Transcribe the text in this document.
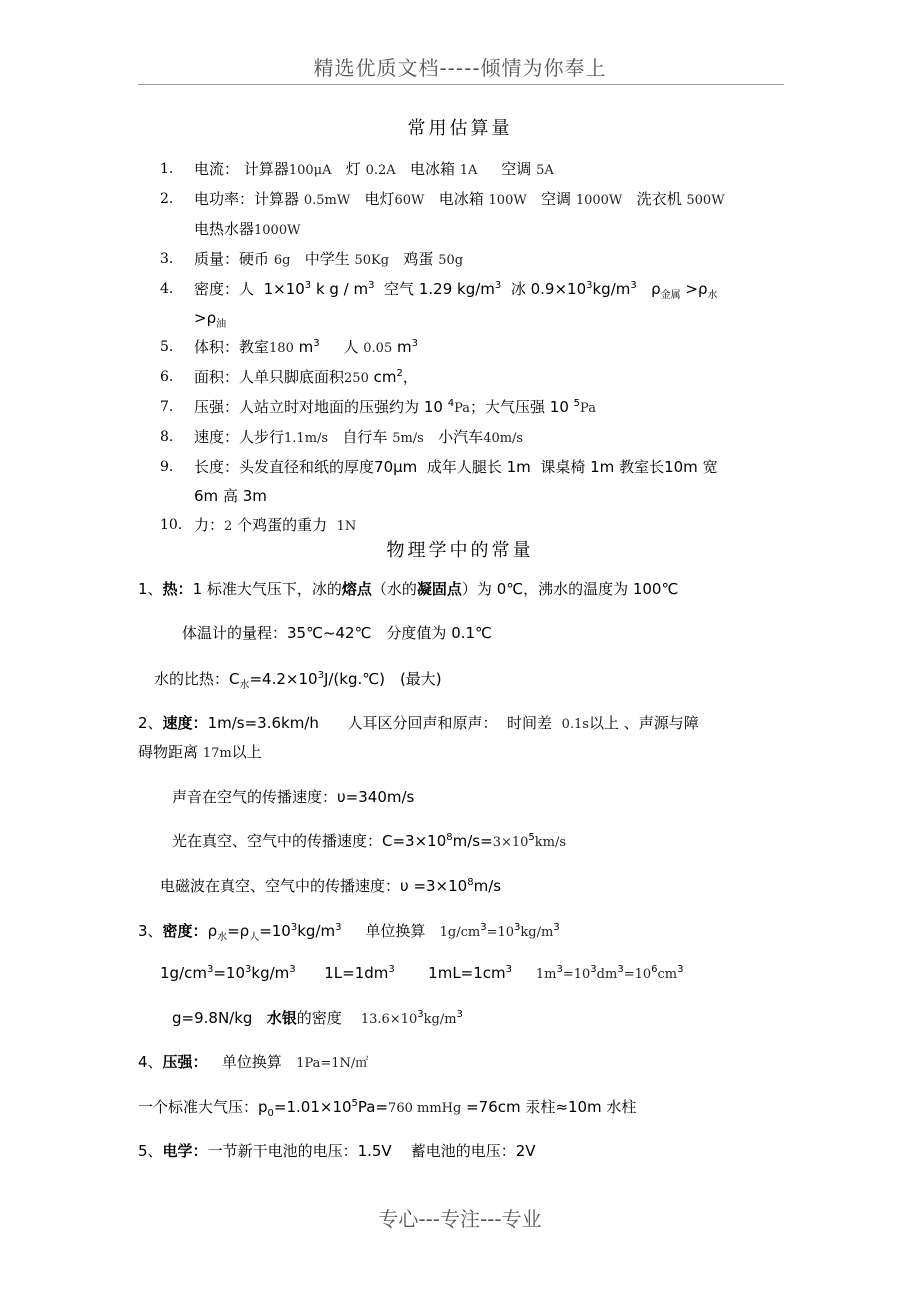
精选优质文档-----倾情为你奉上
常用估算量
1.	电流： 计算器100μA 灯 0.2A 电冰箱 1A 空调 5A
2.	电功率：计算器 0.5mW 电灯60W 电冰箱 100W 空调 1000W 洗衣机 500W
电热水器1000W
3.	质量：硬币 6g 中学生 50Kg 鸡蛋 50g
4.	密度：人 $1\times 10^3$ k g / $m^3$ 空气 1.29 $kg/m^3$ 冰 $0.9\times 10^3kg/m^3$ $\rho_{金属} >\rho_水$
$>\rho_油$
5.	体积：教室180 $m^3$ 人 0.05 $m^3$
6.	面积：人单只脚底面积250 $cm^2$，
7.	压强：人站立时对地面的压强约为 10 $^4$Pa；大气压强 10 $^5$Pa
8.	速度：人步行1.1m/s 自行车 5m/s 小汽车40m/s
9.	长度：头发直径和纸的厚度70μm 成年人腿长 1m 课桌椅 1m 教室长10m 宽
6m 高 3m
10. 力：2 个鸡蛋的重力 1N
物理学中的常量
1、热：1 标准大气压下，冰的熔点（水的凝固点）为 0℃，沸水的温度为 100℃
体温计的量程：35℃~42℃　分度值为 0.1℃
水的比热：$C_水=4.2\times 10^3J/(kg.℃)$　(最大)
2、速度：1m/s=3.6km/h 人耳区分回声和原声： 时间差 0.1s以上 、声源与障
碍物距离 17m以上
声音在空气的传播速度：υ=340m/s
光在真空、空气中的传播速度：$C=3\times 10^8m/s=3\times 10^5km/s$
电磁波在真空、空气中的传播速度：$\upsilon =3\times 10^8m/s$
3、密度：$\rho_水=\rho_人=10^3kg/m^3$ 单位换算 $1g/cm^3=10^3kg/m^3$
$1g/cm^3=10^3kg/m^3$ $1L=1dm^3$ $1mL=1cm^3$ $1m^3=10^3dm^3=10^6cm^3$
g=9.8N/kg 水银的密度 $13.6\times 10^3kg/m^3$
4、压强： 单位换算 1Pa=1N/㎡
一个标准大气压：$p_0=1.01\times 10^5Pa=760$ mmHg =76cm 汞柱≈10m 水柱
5、电学：一节新干电池的电压：1.5V 蓄电池的电压：2V
专心---专注---专业
